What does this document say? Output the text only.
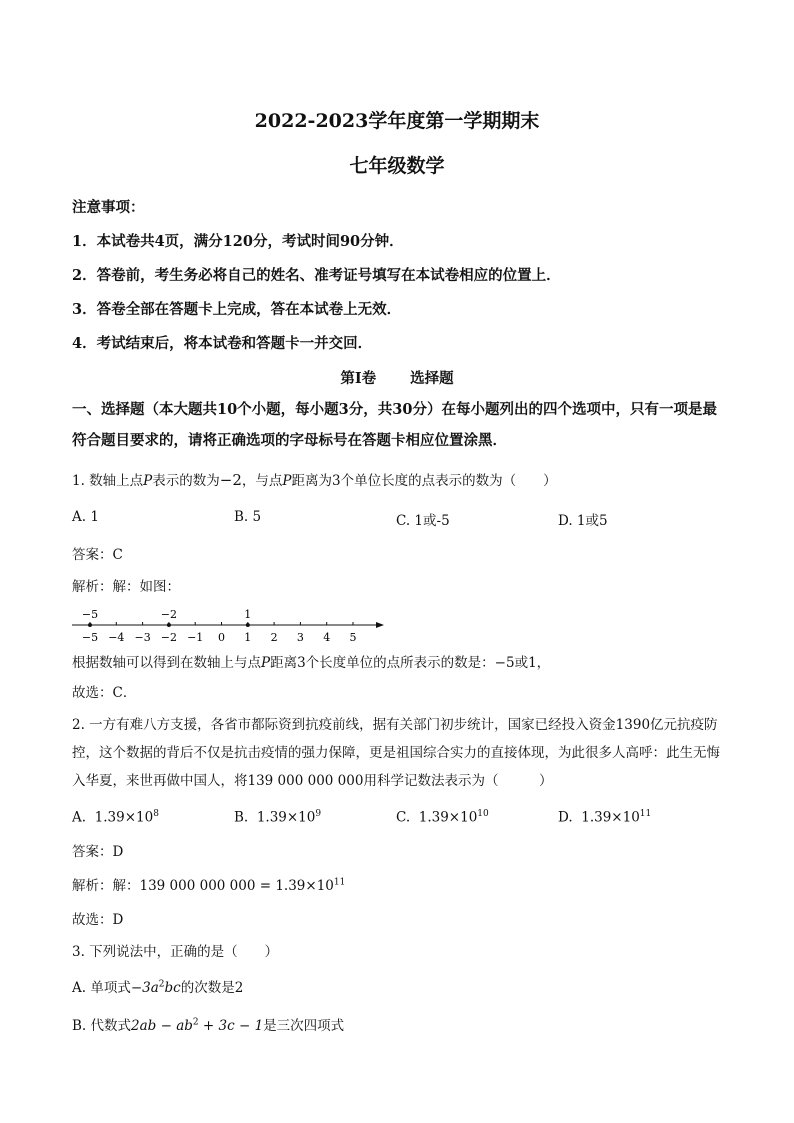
2022-2023学年度第一学期期末
七年级数学
注意事项：
1．本试卷共4页，满分120分，考试时间90分钟．
2．答卷前，考生务必将自己的姓名、准考证号填写在本试卷相应的位置上．
3．答卷全部在答题卡上完成，答在本试卷上无效．
4．考试结束后，将本试卷和答题卡一并交回．
第Ⅰ卷 选择题
一、选择题（本大题共10个小题，每小题3分，共30分）在每小题列出的四个选项中，只有一项是最符合题目要求的，请将正确选项的字母标号在答题卡相应位置涂黑．
1. 数轴上点P表示的数为−2，与点P距离为3个单位长度的点表示的数为（　　）
A. 1	B. 5	C. 1或-5	D. 1或5
答案：C
解析：解：如图：
−5
−5
−4 −3 −2
−2
−1 0 1
1
2 3 4 5
根据数轴可以得到在数轴上与点P距离3个长度单位的点所表示的数是：−5或1，
故选：C．
2. 一方有难八方支援，各省市都际资到抗疫前线，据有关部门初步统计，国家已经投入资金1390亿元抗疫防控，这个数据的背后不仅是抗击疫情的强力保障，更是祖国综合实力的直接体现，为此很多人高呼：此生无悔入华夏，来世再做中国人，将139 000 000 000用科学记数法表示为（　　　）
A. $1.39\times 10^8$	B. $1.39\times 10^9$	C. $1.39\times 10^{10}$	D. $1.39\times 10^{11}$
答案：D
解析：解：139 000 000 $000 = 1.39\times 10^{11}$
故选：D
3. 下列说法中，正确的是（　　）
A. 单项式$-3a^2bc$的次数是2
B. 代数式$2ab - ab^2 + 3c - 1$是三次四项式
